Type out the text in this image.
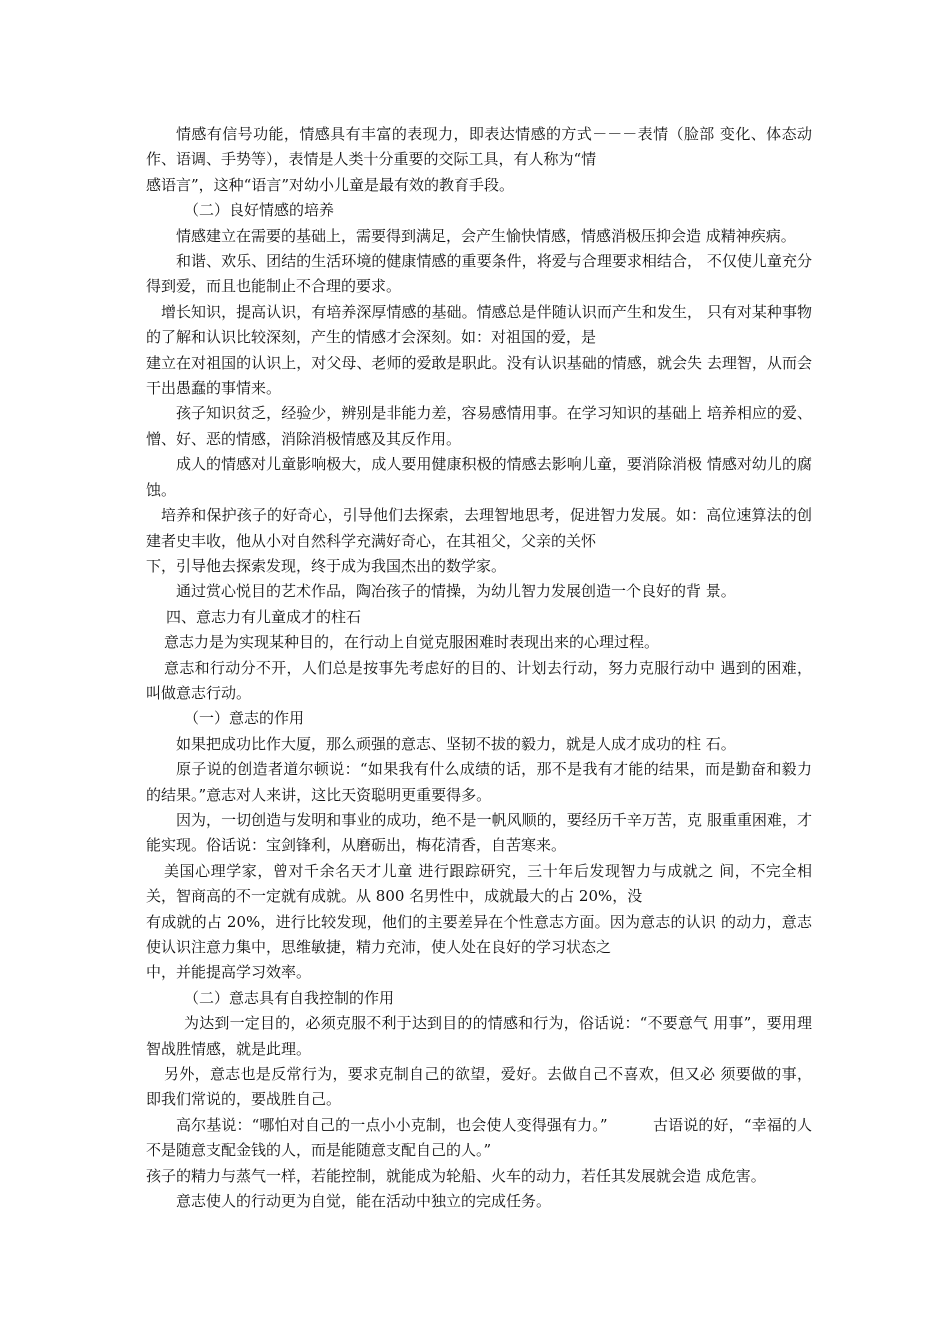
情感有信号功能，情感具有丰富的表现力，即表达情感的方式－－－表情（脸部 变化、体态动作、语调、手势等），表情是人类十分重要的交际工具，有人称为“情

感语言”，这种“语言”对幼小儿童是最有效的教育手段。

（二）良好情感的培养

情感建立在需要的基础上，需要得到满足，会产生愉快情感，情感消极压抑会造 成精神疾病。

和谐、欢乐、团结的生活环境的健康情感的重要条件，将爱与合理要求相结合， 不仅使儿童充分得到爱，而且也能制止不合理的要求。

增长知识，提高认识，有培养深厚情感的基础。情感总是伴随认识而产生和发生， 只有对某种事物的了解和认识比较深刻，产生的情感才会深刻。如：对祖国的爱，是

建立在对祖国的认识上，对父母、老师的爱敢是职此。没有认识基础的情感，就会失 去理智，从而会干出愚蠢的事情来。

孩子知识贫乏，经验少，辨别是非能力差，容易感情用事。在学习知识的基础上 培养相应的爱、憎、好、恶的情感，消除消极情感及其反作用。

成人的情感对儿童影响极大，成人要用健康积极的情感去影响儿童，要消除消极 情感对幼儿的腐蚀。

培养和保护孩子的好奇心，引导他们去探索，去理智地思考，促进智力发展。如：高位速算法的创建者史丰收，他从小对自然科学充满好奇心，在其祖父，父亲的关怀

下，引导他去探索发现，终于成为我国杰出的数学家。

通过赏心悦目的艺术作品，陶冶孩子的情操，为幼儿智力发展创造一个良好的背 景。

四、意志力有儿童成才的柱石

意志力是为实现某种目的，在行动上自觉克服困难时表现出来的心理过程。

意志和行动分不开，人们总是按事先考虑好的目的、计划去行动，努力克服行动中 遇到的困难，叫做意志行动。

（一）意志的作用

如果把成功比作大厦，那么顽强的意志、坚韧不拔的毅力，就是人成才成功的柱 石。

原子说的创造者道尔顿说：“如果我有什么成绩的话，那不是我有才能的结果，而是勤奋和毅力的结果。”意志对人来讲，这比天资聪明更重要得多。

因为，一切创造与发明和事业的成功，绝不是一帆风顺的，要经历千辛万苦，克 服重重困难，才能实现。俗话说：宝剑锋利，从磨砺出，梅花清香，自苦寒来。

美国心理学家，曾对千余名天才儿童 进行跟踪研究，三十年后发现智力与成就之 间，不完全相关，智商高的不一定就有成就。从 800 名男性中，成就最大的占 20%，没

有成就的占 20%，进行比较发现，他们的主要差异在个性意志方面。因为意志的认识 的动力，意志使认识注意力集中，思维敏捷，精力充沛，使人处在良好的学习状态之

中，并能提高学习效率。

（二）意志具有自我控制的作用

为达到一定目的，必须克服不利于达到目的的情感和行为，俗话说：“不要意气 用事”，要用理智战胜情感，就是此理。

另外，意志也是反常行为，要求克制自己的欲望，爱好。去做自己不喜欢，但又必 须要做的事，即我们常说的，要战胜自己。

高尔基说：“哪怕对自己的一点小小克制，也会使人变得强有力。”　　　古语说的好，“幸福的人不是随意支配金钱的人，而是能随意支配自己的人。”

孩子的精力与蒸气一样，若能控制，就能成为轮船、火车的动力，若任其发展就会造 成危害。

意志使人的行动更为自觉，能在活动中独立的完成任务。
